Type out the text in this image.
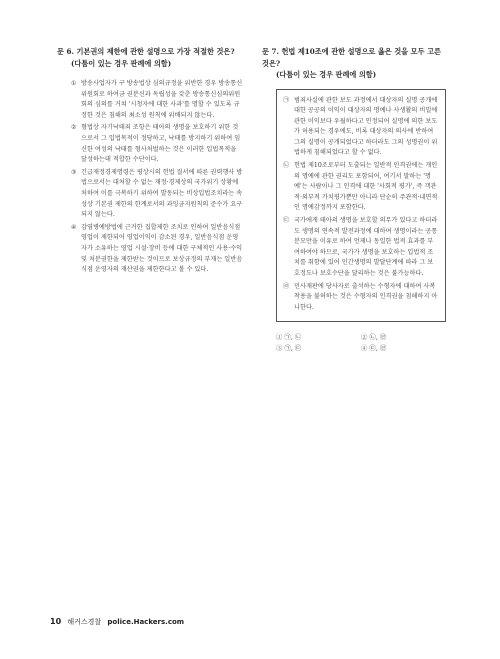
문 6. 기본권의 제한에 관한 설명으로 가장 적절한 것은?
(다툼이 있는 경우 판례에 의함)
① 방송사업자가 구 방송법상 심의규정을 위반한 경우 방송통신위원회로 하여금 권분신과 독립성을 갖춘 방송통신심의위원회의 심의를 거쳐 '시청자에 대한 사과'를 명할 수 있도록 규정한 것은 침해의 최소성 원칙에 위배되지 않는다.
② 형법상 자기낙태죄 조항은 태아의 생명을 보호하기 위한 것으로서 그 입법목적이 정당하고, 낙태를 방지하기 위하여 임신한 여성의 낙태를 형사처벌하는 것은 이러한 입법목적을 달성하는데 적합한 수단이다.
③ 긴급재정경제명령은 평상시의 헌법 질서에 따른 권력행사 방법으로서는 대처할 수 없는 재정·경제상의 국가위기 상황에 처하여 이를 극복하기 위하여 발동되는 비상입법조치라는 속성상 기본권 제한의 한계로서의 과잉금지원칙의 준수가 요구되지 않는다.
④ 감염병예방법에 근거한 집합제한 조치로 인하여 일반음식점 영업이 제한되어 영업이익이 감소된 경우, 일반음식점 운영자가 소유하는 영업 시설·장비 등에 대한 구체적인 사용·수익 및 처분권한을 제한받는 것이므로 보상규정의 부재는 일반음식점 운영자의 재산권을 제한한다고 볼 수 있다.
문 7. 헌법 제10조에 관한 설명으로 옳은 것을 모두 고른 것은?
(다툼이 있는 경우 판례에 의함)
㉠ 범죄사실에 관한 보도 과정에서 대상자의 실명 공개에 대한 공공의 이익이 대상자의 명예나 사생활의 비밀에 관한 이익보다 우월하다고 인정되어 실명에 의한 보도가 허용되는 경우에도, 비록 대상자의 의사에 반하여 그의 실명이 공개되었다고 하더라도 그의 성명권이 위법하게 침해되었다고 할 수 없다.
㉡ 헌법 제10조로부터 도출되는 일반적 인격권에는 개인의 명예에 관한 권리도 포함되어, 여기서 말하는 '명예'는 사람이나 그 인격에 대한 '사회적 평가', 즉 객관적·외부적 가치평가뿐만 아니라 단순히 주관적·내면적인 명예감정까지 포함한다.
㉢ 국가에게 태아의 생명을 보호할 의무가 있다고 하더라도 생명의 연속적 발전과정에 대하여 생명이라는 공통분모만을 이유로 하여 언제나 동일한 법적 효과를 부여하여야 하므로, 국가가 생명을 보호하는 입법적 조치를 취함에 있어 인간생명의 발달단계에 따라 그 보호정도나 보호수단을 달리하는 것은 불가능하다.
㉣ 민사재판에 당사자로 출석하는 수형자에 대하여 사복착용을 불허하는 것은 수형자의 인격권을 침해하지 아니한다.
① ㉠, ㉡	② ㉡, ㉣
③ ㉠, ㉢	④ ㉢, ㉣
10 해커스경찰 police.Hackers.com
